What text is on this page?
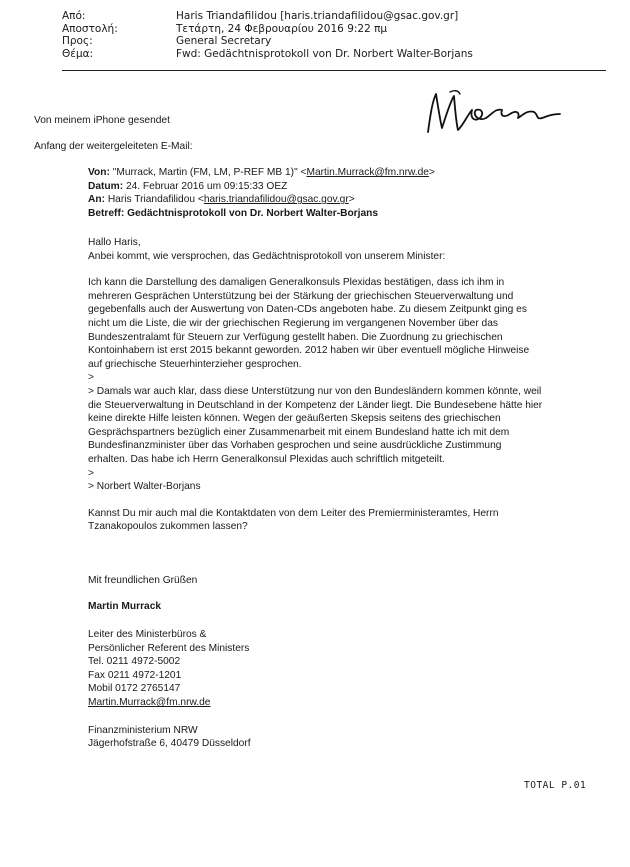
Από:	Haris Triandafilidou [haris.triandafilidou@gsac.gov.gr]
Αποστολή:	Τετάρτη, 24 Φεβρουαρίου 2016 9:22 πμ
Προς:	General Secretary
Θέμα:	Fwd: Gedächtnisprotokoll von Dr. Norbert Walter-Borjans
Von meinem iPhone gesendet
Anfang der weitergeleiteten E-Mail:
Von: "Murrack, Martin (FM, LM, P-REF MB 1)" <Martin.Murrack@fm.nrw.de>
Datum: 24. Februar 2016 um 09:15:33 OEZ
An: Haris Triandafilidou <haris.triandafilidou@gsac.gov.gr>
Betreff: Gedächtnisprotokoll von Dr. Norbert Walter-Borjans
Hallo Haris,
Anbei kommt, wie versprochen, das Gedächtnisprotokoll von unserem Minister:
Ich kann die Darstellung des damaligen Generalkonsuls Plexidas bestätigen, dass ich ihm in
mehreren Gesprächen Unterstützung bei der Stärkung der griechischen Steuerverwaltung und
gegebenfalls auch der Auswertung von Daten-CDs angeboten habe. Zu diesem Zeitpunkt ging es
nicht um die Liste, die wir der griechischen Regierung im vergangenen November über das
Bundeszentralamt für Steuern zur Verfügung gestellt haben. Die Zuordnung zu griechischen
Kontoinhabern ist erst 2015 bekannt geworden. 2012 haben wir über eventuell mögliche Hinweise
auf griechische Steuerhinterzieher gesprochen.
>
> Damals war auch klar, dass diese Unterstützung nur von den Bundesländern kommen könnte, weil
die Steuerverwaltung in Deutschland in der Kompetenz der Länder liegt. Die Bundesebene hätte hier
keine direkte Hilfe leisten können. Wegen der geäußerten Skepsis seitens des griechischen
Gesprächspartners bezüglich einer Zusammenarbeit mit einem Bundesland hatte ich mit dem
Bundesfinanzminister über das Vorhaben gesprochen und seine ausdrückliche Zustimmung
erhalten. Das habe ich Herrn Generalkonsul Plexidas auch schriftlich mitgeteilt.
>
> Norbert Walter-Borjans
Kannst Du mir auch mal die Kontaktdaten von dem Leiter des Premierministeramtes, Herrn
Tzanakopoulos zukommen lassen?
Mit freundlichen Grüßen
Martin Murrack
Leiter des Ministerbüros &
Persönlicher Referent des Ministers
Tel. 0211 4972-5002
Fax 0211 4972-1201
Mobil 0172 2765147
Martin.Murrack@fm.nrw.de
Finanzministerium NRW
Jägerhofstraße 6, 40479 Düsseldorf
TOTAL P.01
